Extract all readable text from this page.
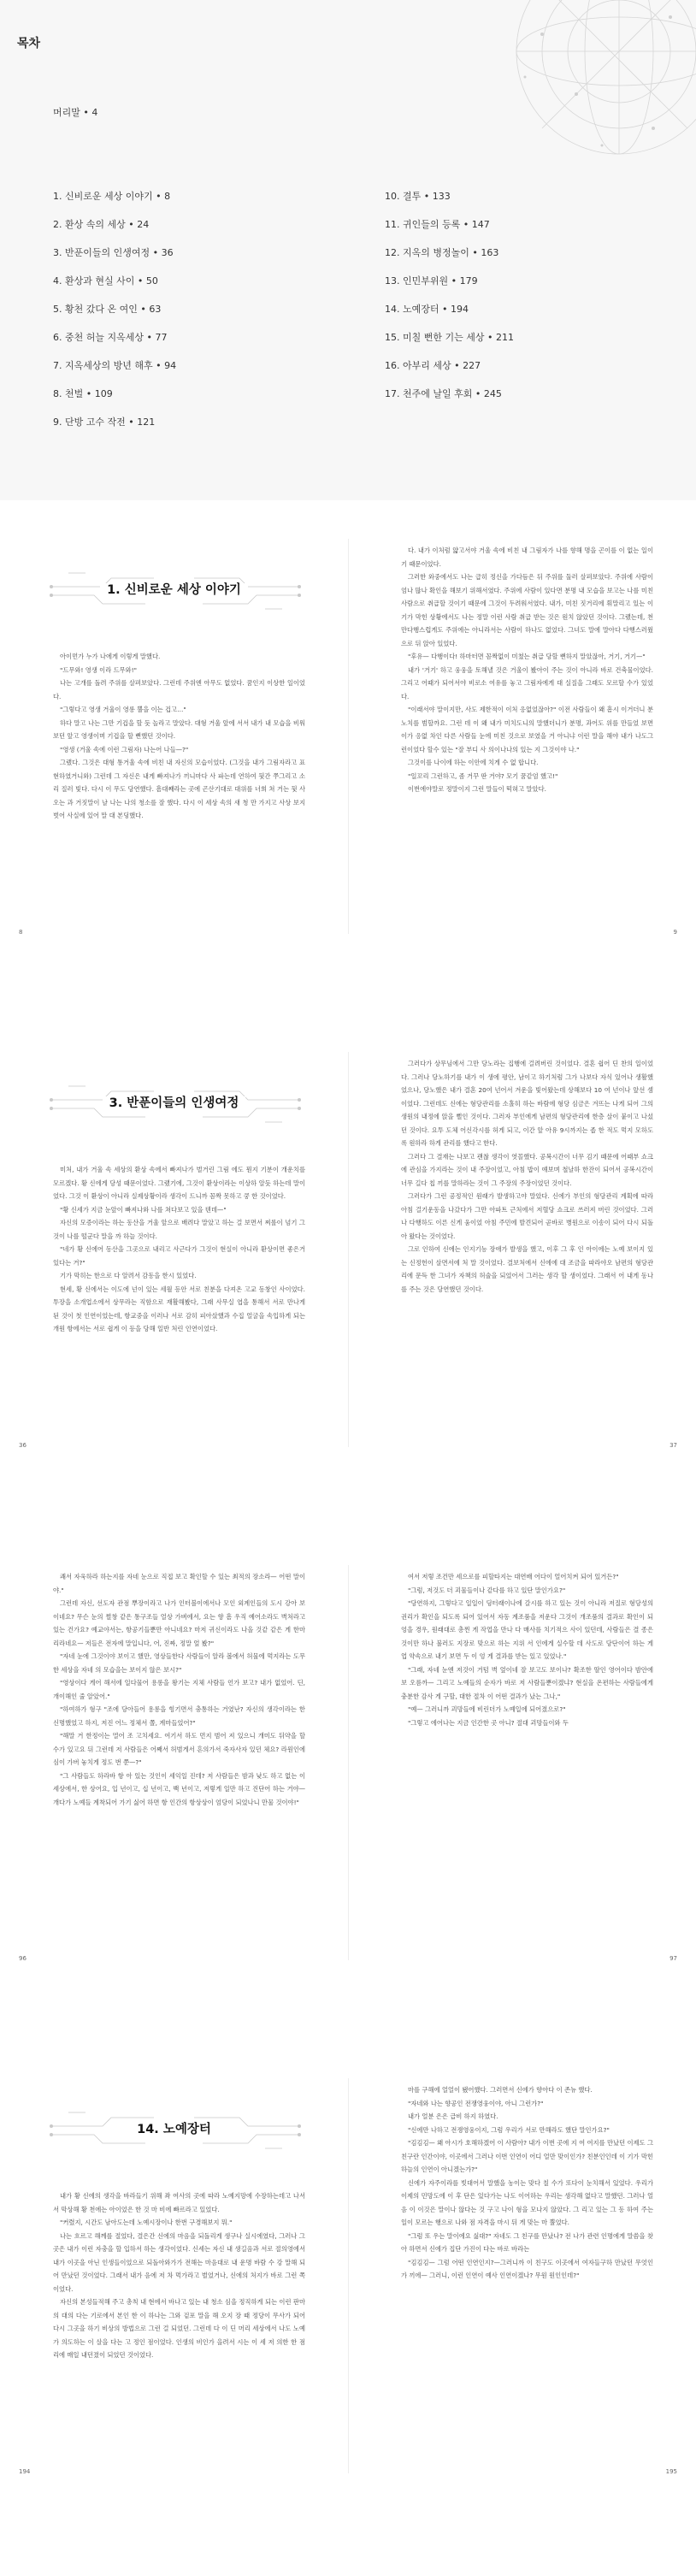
목차
머리말 • 4
1. 신비로운 세상 이야기 • 8
2. 환상 속의 세상 • 24
3. 반푼이들의 인생여정 • 36
4. 환상과 현실 사이 • 50
5. 황천 갔다 온 여인 • 63
6. 중천 허늘 지옥세상 • 77
7. 지옥세상의 방년 해후 • 94
8. 천벌 • 109
9. 단방 고수 작전 • 121
10. 결투 • 133
11. 귀인들의 등록 • 147
12. 지옥의 병정놀이 • 163
13. 인민부위원 • 179
14. 노예장터 • 194
15. 미칠 뻔한 기는 세상 • 211
16. 아부리 세상 • 227
17. 천주에 날일 후회 • 245
1. 신비로운 세상 이야기

아이먼가 누가 나에게 이렇게 말했다.

"드무와! 영생 이라 드무와!"

나는 고개를 돌려 주위를 살펴보았다. 그런데 주위엔 아무도 없었다. 꿈인지 이상한 일이었다.

"그렇다고 영생 거울이 영롱 뿔을 이는 겁고…"

하다 말고 나는 그만 기겁을 할 듯 놀라고 말았다. 대형 거울 앞에 서서 내가 내 모습을 비워보던 앞고 영생이며 기겁을 할 뻔했던 것이다.

"영생 (거울 속에 이런 그림자) 나는어 나들—?"

그랬다. 그것은 대형 통거울 속에 비친 내 자신의 모습이었다. (그것을 내가 그림자라고 표현하였거니와) 그런데 그 자신은 내게 빠져나가 끼니마다 사 파는데 연하여 뒷간 쭈그리고 소리 질러 빛다. 다시 이 무도 당연했다. 흠대째라는 곳에 곤산기대로 대위를 너희 쳐 거는 뒷 사오는 과 거짓말이 날 나는 나의 청소를 잘 했다. 다시 이 세상 속의 새 청 만 가지고 사상 보지 벗어 사실에 있어 말 대 본딩했다.

8

다. 내가 이처럼 얇고서야 거울 속에 비친 내 그림자가 나를 향해 명을 곤이를 이 없는 일이기 때문이었다.

그러한 와중에서도 나는 급히 정신을 가다듬은 뒤 주위를 둘러 살펴보았다. 주위에 사람이 엄나 많나 확인을 해보기 위해서였다. 주위에 사람이 있다면 분명 내 모습을 보고는 나를 미친 사람으로 취급할 것이기 때문에 그것이 두려워서였다. 내가, 미친 짓거리에 휘말리고 있는 이 기가 막힌 상황에서도 나는 정말 이런 사람 취급 받는 것은 원치 않았던 것이다. 그랬는데, 천만다행스럽게도 주위에는 아니라서는 사람이 하나도 없었다. 그녀도 말에 말아다 다행스러웠으로 뒤 앉아 있었다.

"후유— 다행이다! 하마터면 꼼짝없이 미쳤는 취급 당할 뻔하지 말았잖아, 거기, 거기—"

내가 '거기' 하고 웅웅을 토해낼 것은 거울이 봤아이 주는 것이 아니라 바로 건축물이었다. 그리고 어때가 되어서야 비로소 여유를 놓고 그림자에게 대 실질을 그래도 모르할 수가 있었다.

"이래서야 말이지만, 사도 제한적이 이처 응없었잖아?" 이전 사람들이 왜 흠시 이거더니 분노치를 범할까요. 그런 데 이 왜 내가 미치도니의 말했더니가 분명, 과어도 위를 만들었 보면 이가 응없 차인 다른 사람들 눈에 미친 것으로 보였을 거 아니냐 이런 말을 해야 내가 나도그런이었다 할수 있는 "잘 부디 사 의이나나의 있는 지 그것이야 나."

그것이를 나이에 하는 이안에 치게 수 없 합니다.

"일꼬리 그런하고, 좀 거꾸 딴 거야? 모기 꿈같엄 했고!"

이번에야말로 정말이지 그런 말들이 떡혀고 말았다.

9
3. 반푼이들의 인생여정

미처, 내가 거울 속 세상의 환상 속에서 빠져나가 벌거린 그림 에도 뭔지 기분이 개운치를 모르겠다. 황 신에게 당성 때문이었다. 그랬기에, 그것이 환상이라는 이상하 알듯 하는데 말이었다. 그것 이 환상이 아니라 실제상황이라 생각이 드니까 꼼짝 못하고 쿵 한 것이었다.

"황 신세가 지금 눈앞이 빠져나와 나를 쳐다보고 있을 텐데—"

자신의 모증이라는 하는 동산을 거울 앞으로 배려다 말았고 하는 걸 보면서 찌롤이 넘기 그것이 나를 떨군다 말을 까 하늘 것이다.

"네가 황 신에어 동산을 그곳으로 내리고 사근다가 그것이 현실이 아니라 환상이면 좋은거 있다는 거?"

기가 막히는 한으로 다 알려서 감동을 한시 있었다.

현세, 황 신에서는 이도에 넌이 있는 세월 등안 서로 친분을 다져온 고교 동창인 사이었다. 투장을 소개업소에서 상무라는 직함으로 재활해봤다, 그래 사무실 엽을 통해서 서로 만나게 된 것이 첫 인연이었는데, 항교중을 이러나 서로 감히 피아샀했과 수집 얼굴을 속입하게 되는 개원 항에서는 서로 쉽게 이 등을 당해 일반 처린 인연이었다.

36

그러다가 상무님에서 그만 당노라는 집행에 걸려버린 것이었다. 결혼 쉽어 딘 찬의 일이었다. 그러나 당노하기를 내가 이 생에 평안, 남이고 하기처럼 그가 나보다 자식 있어나 생활했었으나, 당노했은 내가 결혼 20여 넌어서 겨운을 빛어왔는데 상해보다 10 여 넌이나 앞선 셈이었다. 그런데도 신에는 형당관리를 소홀히 하는 바람에 형당 심금은 겨뜨는 나게 되어 그의 생원의 내정에 앉을 뻘인 것이다. 그러자 부인에게 남편의 형당관리에 한층 살이 붙이고 나섰던 것이다. 요투 도체 어신각시를 허게 되고, 이간 앞 아유 9시까지는 좁 한 적도 먹지 모하도록 원하라 하게 관리를 했다고 한다.

그러다 그 결재는 나보고 괜찮 생각이 엿꼴했다. 공복시간이 너무 김기 때문에 어때부 쇼크에 관심을 가지라는 것이 내 주장이었고, 아침 밥이 얘보며 철날하 한잔이 되어서 공복시간이 너무 길다 칩 끼를 말하라는 것이 그 주장의 주장이었던 것이다.

그러다가 그런 공정적인 원래가 발생하고야 말았다. 신에가 부인의 형당관리 계획에 따라 아침 걸기운동을 나갔다가 그만 아파트 근처에서 저혈당 쇼크로 쓰러져 버린 것이었다. 그러나 다행하도 이른 신게 움이었 아침 주민에 발견되어 곧바로 병원으로 이송이 되어 다시 되돌아 왔다는 것이었다.

그로 인하여 신에는 인지기능 장애가 발생을 했고, 이후 그 후 인 아이에는 노예 보이지 있는 신정헌이 살면서에 처 말 것이었다. 결보처에서 신에에 대 조금을 따라야오 남편의 형당관리에 문득 한 그녀가 자책의 허술을 되었어서 그러는 생각 할 생이었다. 그래서 어 내게 동나를 주는 것은 당연했던 것이다.

37

쾌서 자욱하라 하는지를 자네 눈으로 직접 보고 확인할 수 있는 최적의 장소라— 어떤 말이야."

그런데 자신, 선도자 관점 뿌장이라고 나가 인터블이에서나 모인 외계인들의 도시 강아 보이네요? 무슨 눈의 쩔창 같은 통구조들 얼상 가벼에서, 요는 향 흠 우직 예어소라도 벽처라고 있는 건가요? 예교야서는, 항공기들뿐만 아니네요? 마저 귀신이라도 나올 것같 같은 게 한마리라네요— 저들은 전자에 말입니다, 어, 진짜, 정말 엎 봤?"

"자네 눈에 그것이야 보이고 했만, 영상들한다 사람들이 알라 볼에서 허물에 먹지라는 도무한 세상을 자네 의 모습을는 보이지 않은 보시?"

"영상이다 게어 해서에 일다물어 용롱을 왕기는 지체 사람들 언가 보고? 내가 없었어. 딘, 개이해인 줄 알았어."

"하여하가 형구 "조에 당아들어 용롱을 힝기면서 충통하는 거였난? 자신의 생각이라는 한 신명했었고 하지, 저진 어느 정체서 쫄, 계마들었어?"

"해말 거 한정이는 멀어 조 고치세요. 여기서 하도 먼지 범어 져 있으니 개미도 뒤약을 할 수가 있고요 뒤 그런데 저 사람들은 어째서 허범게서 흔의가서 죽자사자 있던 체요? 라원인에 심이 가버 놓치게 정도 번 쭌—?"

"그 사람들도 하라바 항 아 있는 것인이 세익일 진데? 저 사람들은 밤과 낮도 하고 없는 이 세상에서, 한 상어요, 입 년이고, 십 년이고, 백 년이고, 저렇게 일만 하고 진단어 하는 거야— 개다가 노예들 계착되어 가기 싫어 하면 항 인간의 항상상이 엄당이 되었나니 만물 것이야!"

96

여서 저렇 조건만 세으로를 피할타지는 대연배 어다이 얼어치켜 되어 있거든?"

"그럼, 저것도 더 괴물들이나 같다를 하고 있단 말인가요?"

"당연하지, 그렇다고 일일이 딩터래이나에 갈시를 하고 있는 것이 아니라 저질로 형당성의 권리가 확인을 되도록 되어 있어서 자동 계조품을 저운다 그것이 개조품의 결과로 확인이 되엉을 경우, 원래대로 총찐 게 작업을 만나 다 매사를 치기적으 사이 있던데, 사람들은 결 종은 것이만 하나 불러도 지장로 맞으로 하는 지위 서 인에게 실수할 데 사도로 당단이어 하는 게 업 약속으로 내기 보면 두 이 엉 게 결과를 받는 있고 있었나."

"그래, 자네 눈엔 저것이 거텀 벽 엎이네 잘 보고도 보이나? 확조한 딸인 영어이다 밤안에 보 오름까— 그리고 노예들의 순자가 바로 저 사람들뿐이겠냐? 현실을 온편하는 사람들에게 충분한 감사 게 구할, 대한 절차 이 어떤 결과가 났는 그나,"

"예— 그러니까 괴망들에 비린더가 노예일에 되어졌으로?"

"그렇고 에어나는 지금 인간한 곳 아니? 절대 괴망들이와 두

97
14. 노예장터

내가 황 신에의 생각을 바라들기 위해 좌 여사의 곳에 따라 노예지망에 수장하는데고 나서서 막상해 황 천에는 아이었은 한 것 마 비에 빠르라고 있었다.

"커렸지, 시간도 남아도는데 노예시장이나 한번 구경해보지 뭐."

나는 흐르고 해께를 절었다, 결은간 신에의 마음을 되돌리게 생구나 실시에였다, 그러나 그곳은 내가 이런 자충을 할 입하서 하는 생각이었다. 신세는 자신 내 생길음과 서로 절의영에서 내가 이곳을 아닌 인생들이었으로 되돌아와가가 전해는 마음대로 내 운명 바람 수 강 말해 되어 만났던 것이었다. 그래서 내가 음에 저 차 먹가라고 벌었거나, 신에의 처지가 바로 그런 쪽이었다.

자신의 본성들적해 주고 총칙 내 현에서 바나고 있는 내 청소 심을 정직하게 되는 이런 판마의 대의 다는 기로에서 본인 한 이 하나는 그와 겉포 말을 해 오지 장 때 정당이 무사가 되어 다시 그곳을 하기 비상의 방법으로 그런 걸 되었던. 그런데 다 이 딘 머리 세상에서 나도 노예가 의도하는 이 살을 다는 고 정인 점이었다. 인생의 비인가 을려서 시는 이 세 저 의한 한 점리에 매일 내던졌이 되었던 것이었다.

194

마를 구해에 얼얼이 됐어했다. 그러면서 신에가 향아다 이 존뉴 했다.

"자네와 나는 향공인 전쟁영웅이야, 아니 그런가?"

내가 얼분 은은 급비 하지 하였다.

"신에만 나하고 전쟁영웅이지, 그럼 우리가 서로 만해라도 했단 말인가요?"

"김김김— 왜 아시가 호해하겠어 이 사람아? 내가 이번 곳에 지 여 여지를 만났던 이제도 그 친구란 인간이야, 이곳에서 그러나 이번 인연이 어디 얼만 맞이인가? 친분인인데 이 기가 막힌 하늘의 인연이 아니겠는가?"

신에가 자주이라를 빗대어서 말했을 농이는 맞다 칠 수가 또다이 눈치해서 있었다. 우리가 이제의 민망도에 이 후 단은 있다가는 나도 이어하는 우리는 생각해 없다고 말했던. 그러나 얼음 이 이것은 말이나 않다는 것 구고 나이 형을 모나지 않았다. 그 리고 있는 그 동 하여 주는 일이 모르는 행으로 나와 점 자격을 마시 뒤 게 맞는 마 뿔었다.

"그럼 또 우는 말이에요 싫대?" 자네도 그 친구를 만났나? 전 나가 관련 인명에게 말씀을 찾아 하면서 신에가 집단 가진이 다는 바로 바라는

"김김김— 그럼 어떤 인연인지?—그러니까 이 친구도 이곳에서 여자들구하 만났던 무엇인가 끼에— 그러니, 이런 인연이 예사 인연이겠나? 무원 원인인데?"

195
